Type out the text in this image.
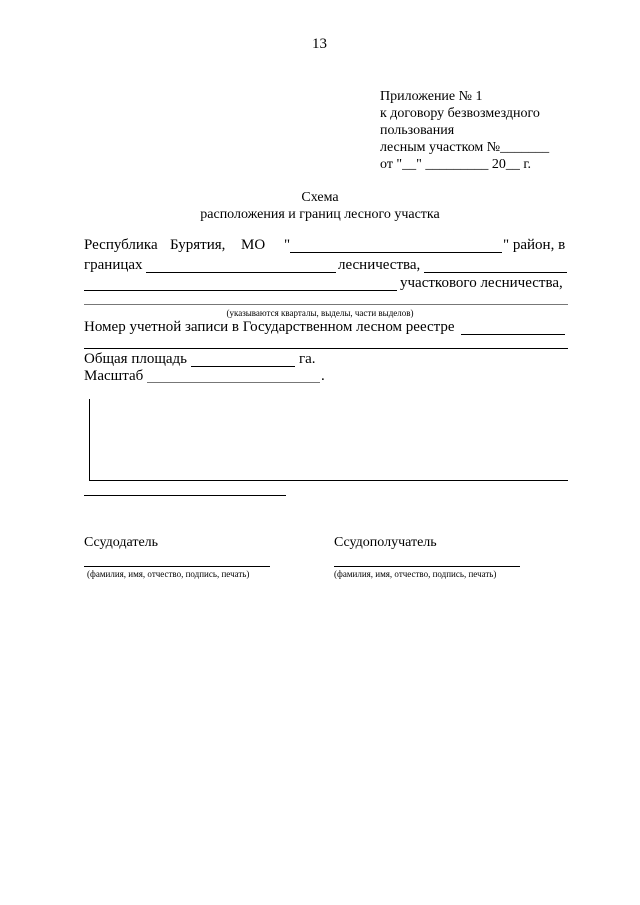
13
Приложение № 1
к договору безвозмездного
пользования
лесным участком №_______
от "__" _________ 20__ г.
Схема
расположения и границ лесного участка
Республика Бурятия, МО "	" район, в
границах	лесничества,
участкового лесничества,
(указываются кварталы, выделы, части выделов)
Номер учетной записи в Государственном лесном реестре
Общая площадь	га.
Масштаб	.
Ссудодатель
(фамилия, имя, отчество, подпись, печать)
Ссудополучатель
(фамилия, имя, отчество, подпись, печать)
